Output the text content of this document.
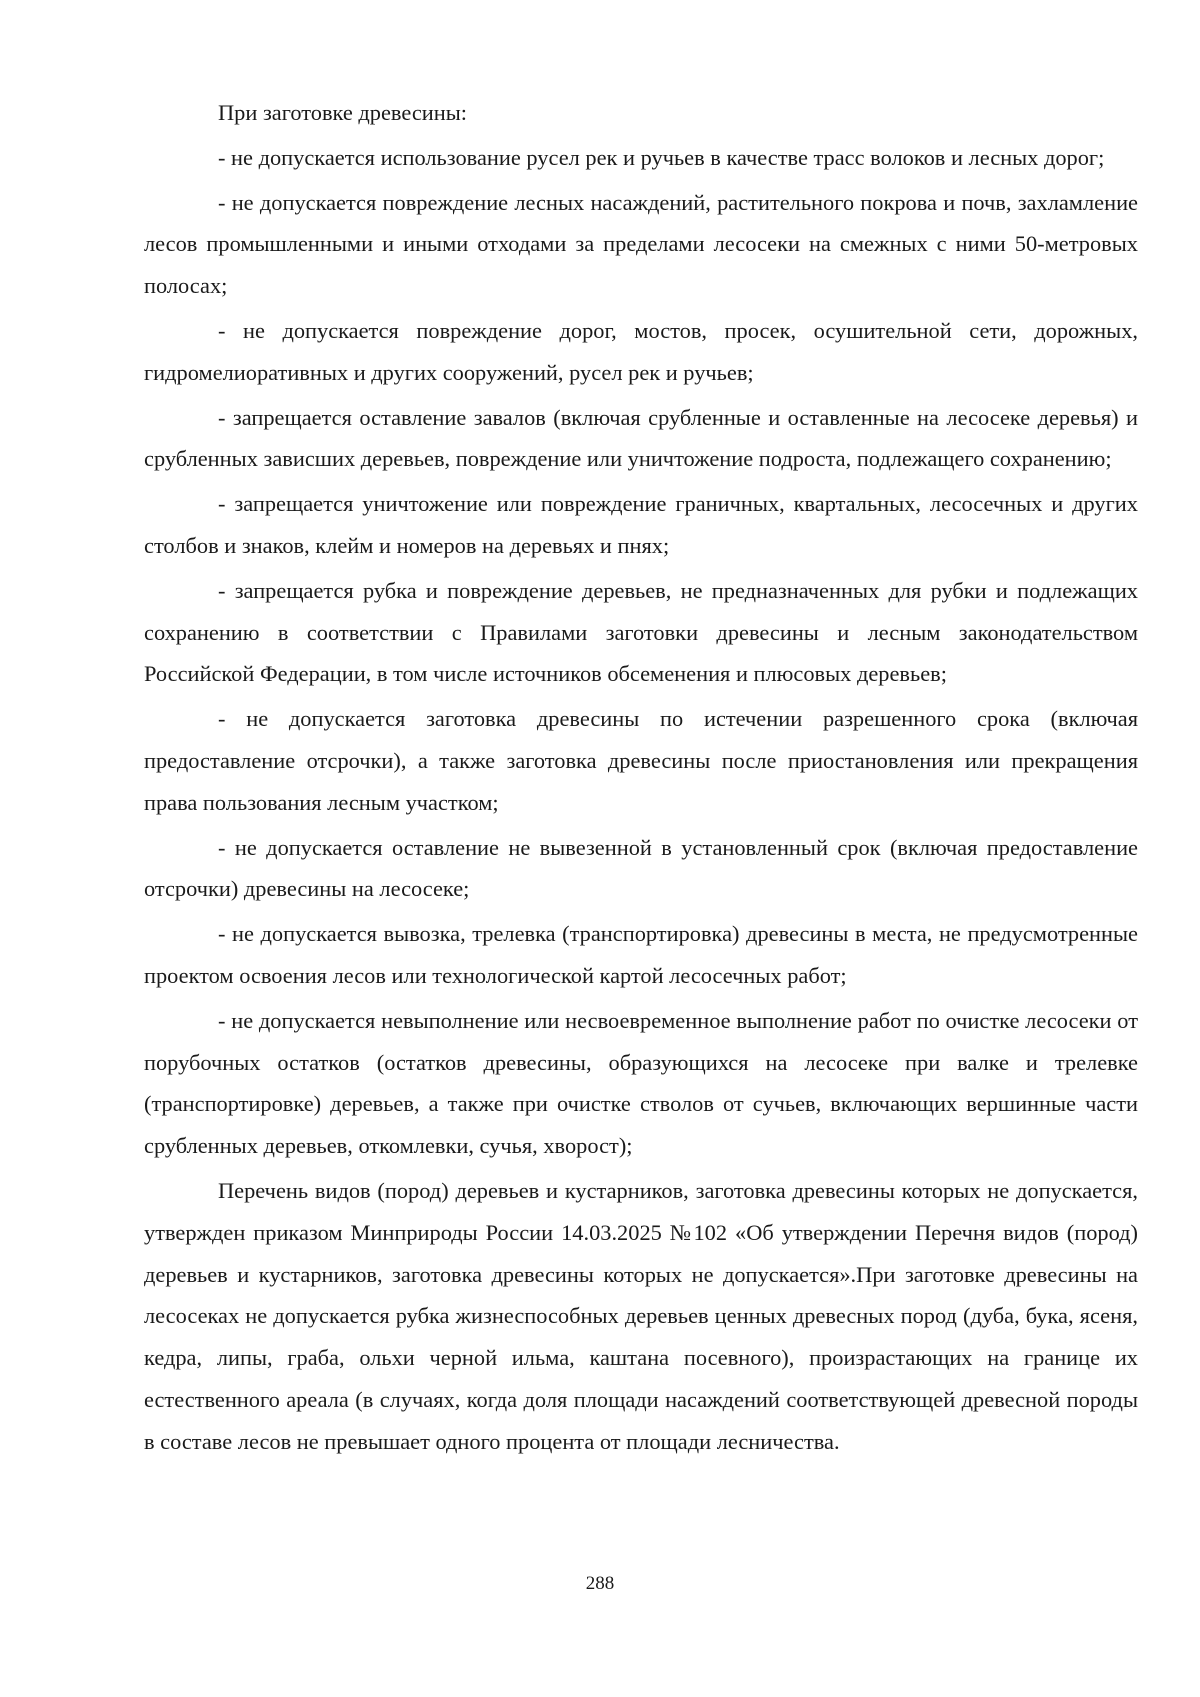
При заготовке древесины:

- не допускается использование русел рек и ручьев в качестве трасс волоков и лесных дорог;

- не допускается повреждение лесных насаждений, растительного покрова и почв, захламление лесов промышленными и иными отходами за пределами лесосеки на смежных с ними 50-метровых полосах;

- не допускается повреждение дорог, мостов, просек, осушительной сети, дорожных, гидромелиоративных и других сооружений, русел рек и ручьев;

- запрещается оставление завалов (включая срубленные и оставленные на лесосеке деревья) и срубленных зависших деревьев, повреждение или уничтожение подроста, подлежащего сохранению;

- запрещается уничтожение или повреждение граничных, квартальных, лесосечных и других столбов и знаков, клейм и номеров на деревьях и пнях;

- запрещается рубка и повреждение деревьев, не предназначенных для рубки и подлежащих сохранению в соответствии с Правилами заготовки древесины и лесным законодательством Российской Федерации, в том числе источников обсеменения и плюсовых деревьев;

- не допускается заготовка древесины по истечении разрешенного срока (включая предоставление отсрочки), а также заготовка древесины после приостановления или прекращения права пользования лесным участком;

- не допускается оставление не вывезенной в установленный срок (включая предоставление отсрочки) древесины на лесосеке;

- не допускается вывозка, трелевка (транспортировка) древесины в места, не предусмотренные проектом освоения лесов или технологической картой лесосечных работ;

- не допускается невыполнение или несвоевременное выполнение работ по очистке лесосеки от порубочных остатков (остатков древесины, образующихся на лесосеке при валке и трелевке (транспортировке) деревьев, а также при очистке стволов от сучьев, включающих вершинные части срубленных деревьев, откомлевки, сучья, хворост);

Перечень видов (пород) деревьев и кустарников, заготовка древесины которых не допускается, утвержден приказом Минприроды России 14.03.2025 №102 «Об утверждении Перечня видов (пород) деревьев и кустарников, заготовка древесины которых не допускается».При заготовке древесины на лесосеках не допускается рубка жизнеспособных деревьев ценных древесных пород (дуба, бука, ясеня, кедра, липы, граба, ольхи черной ильма, каштана посевного), произрастающих на границе их естественного ареала (в случаях, когда доля площади насаждений соответствующей древесной породы в составе лесов не превышает одного процента от площади лесничества.

288
